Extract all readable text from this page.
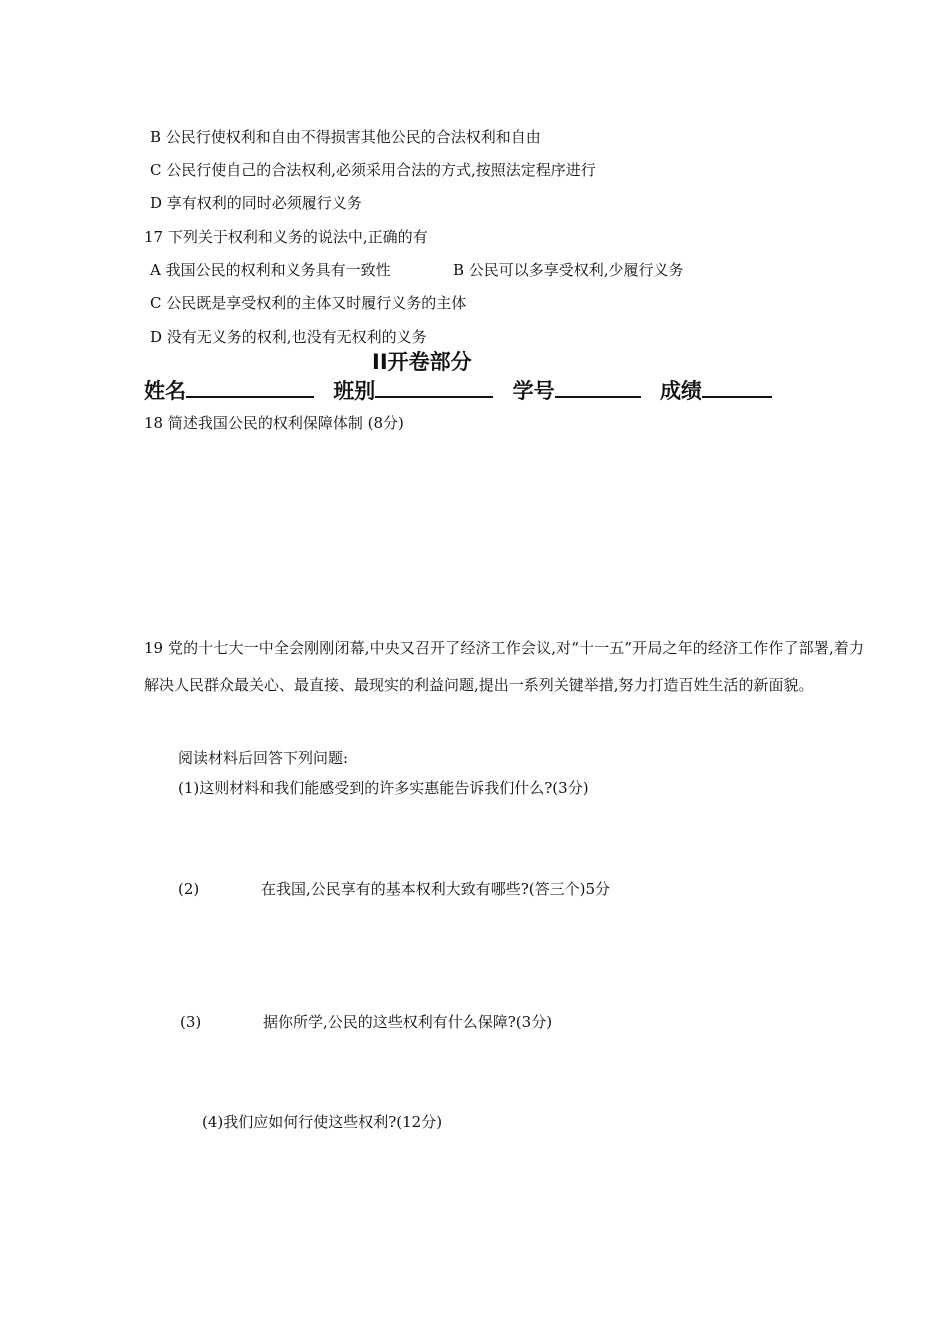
B 公民行使权利和自由不得损害其他公民的合法权利和自由
C 公民行使自己的合法权利,必须采用合法的方式,按照法定程序进行
D 享有权利的同时必须履行义务
17 下列关于权利和义务的说法中,正确的有
A 我国公民的权利和义务具有一致性	B 公民可以多享受权利,少履行义务
C 公民既是享受权利的主体又时履行义务的主体
D 没有无义务的权利,也没有无权利的义务
II开卷部分
姓名	班别	学号	成绩
18 简述我国公民的权利保障体制 (8分)
19 党的十七大一中全会刚刚闭幕,中央又召开了经济工作会议,对“十一五”开局之年的经济工作作了部署,着力解决人民群众最关心、最直接、最现实的利益问题,提出一系列关键举措,努力打造百姓生活的新面貌。
阅读材料后回答下列问题:
(1)这则材料和我们能感受到的许多实惠能告诉我们什么?(3分)
(2)	在我国,公民享有的基本权利大致有哪些?(答三个)5分
(3)	据你所学,公民的这些权利有什么保障?(3分)
(4)我们应如何行使这些权利?(12分)
